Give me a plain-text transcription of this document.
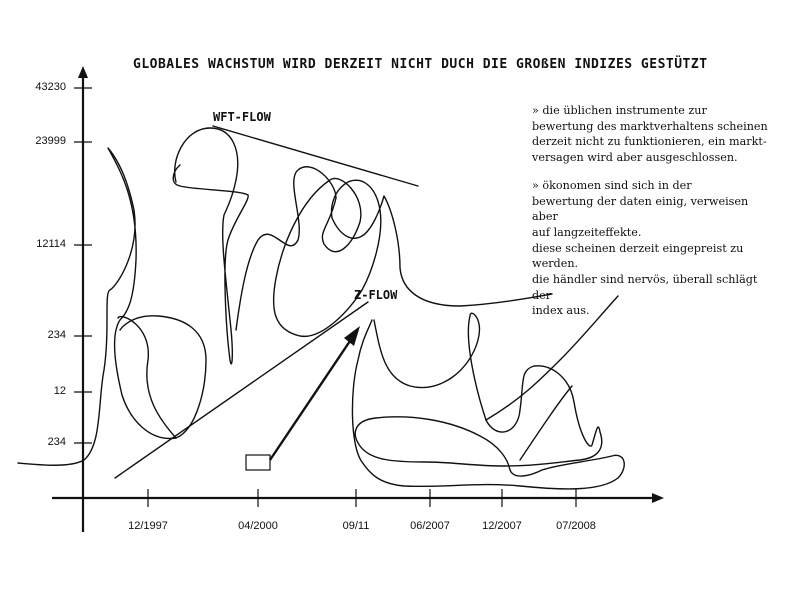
GLOBALES WACHSTUM WIRD DERZEIT NICHT DUCH DIE GROßEN INDIZES GESTÜTZT
WFT-FLOW
Z-FLOW
43230
23999
12114
234
12
234
12/1997	04/2000	09/11	06/2007	12/2007	07/2008

» die üblichen instrumente zur
bewertung des marktverhaltens scheinen
derzeit nicht zu funktionieren, ein markt-
versagen wird aber ausgeschlossen.

» ökonomen sind sich in der
bewertung der daten einig, verweisen aber
auf langzeiteffekte.
diese scheinen derzeit eingepreist zu werden.
die händler sind nervös, überall schlägt der
index aus.
